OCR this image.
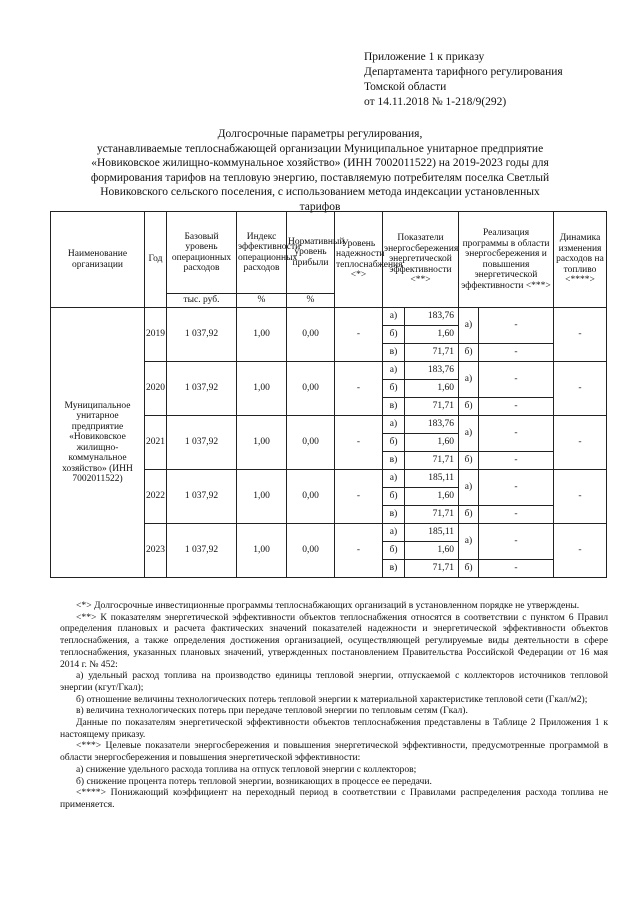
Приложение 1 к приказу
Департамента тарифного регулирования
Томской области
от 14.11.2018 № 1-218/9(292)
Долгосрочные параметры регулирования,
устанавливаемые теплоснабжающей организации Муниципальное унитарное предприятие
«Новиковское жилищно-коммунальное хозяйство» (ИНН 7002011522) на 2019-2023 годы для
формирования тарифов на тепловую энергию, поставляемую потребителям поселка Светлый
Новиковского сельского поселения, с использованием метода индексации установленных
тарифов
Наименование организации	Год	Базовый уровень операционных расходов	Индекс эффективности операционных расходов	Нормативный уровень прибыли	Уровень надежности теплоснабжения <*>	Показатели энергосбережения энергетической эффективности <**>		Реализация программы в области энергосбережения и повышения энергетической эффективности <***>		Динамика изменения расходов на топливо <****>
		тыс. руб.	%	%						
Муниципальное унитарное предприятие «Новиковское жилищно-коммунальное хозяйство» (ИНН 7002011522)	2019	1 037,92	1,00	0,00	-	а)	183,76	а)	-	-
						б)	1,60			
						в)	71,71	б)	-	
	2020	1 037,92	1,00	0,00	-	а)	183,76	а)	-	-
						б)	1,60			
						в)	71,71	б)	-	
	2021	1 037,92	1,00	0,00	-	а)	183,76	а)	-	-
						б)	1,60			
						в)	71,71	б)	-	
	2022	1 037,92	1,00	0,00	-	а)	185,11	а)	-	-
						б)	1,60			
						в)	71,71	б)	-	
	2023	1 037,92	1,00	0,00	-	а)	185,11	а)	-	-
						б)	1,60			
						в)	71,71	б)	-	

<*> Долгосрочные инвестиционные программы теплоснабжающих организаций в установленном порядке не утверждены.

<**> К показателям энергетической эффективности объектов теплоснабжения относятся в соответствии с пунктом 6 Правил определения плановых и расчета фактических значений показателей надежности и энергетической эффективности объектов теплоснабжения, а также определения достижения организацией, осуществляющей регулируемые виды деятельности в сфере теплоснабжения, указанных плановых значений, утвержденных постановлением Правительства Российской Федерации от 16 мая 2014 г. № 452:

а) удельный расход топлива на производство единицы тепловой энергии, отпускаемой с коллекторов источников тепловой энергии (кгут/Гкал);

б) отношение величины технологических потерь тепловой энергии к материальной характеристике тепловой сети (Гкал/м2);

в) величина технологических потерь при передаче тепловой энергии по тепловым сетям (Гкал).

Данные по показателям энергетической эффективности объектов теплоснабжения представлены в Таблице 2 Приложения 1 к настоящему приказу.

<***> Целевые показатели энергосбережения и повышения энергетической эффективности, предусмотренные программой в области энергосбережения и повышения энергетической эффективности:

а) снижение удельного расхода топлива на отпуск тепловой энергии с коллекторов;

б) снижение процента потерь тепловой энергии, возникающих в процессе ее передачи.

<****> Понижающий коэффициент на переходный период в соответствии с Правилами распределения расхода топлива не применяется.
